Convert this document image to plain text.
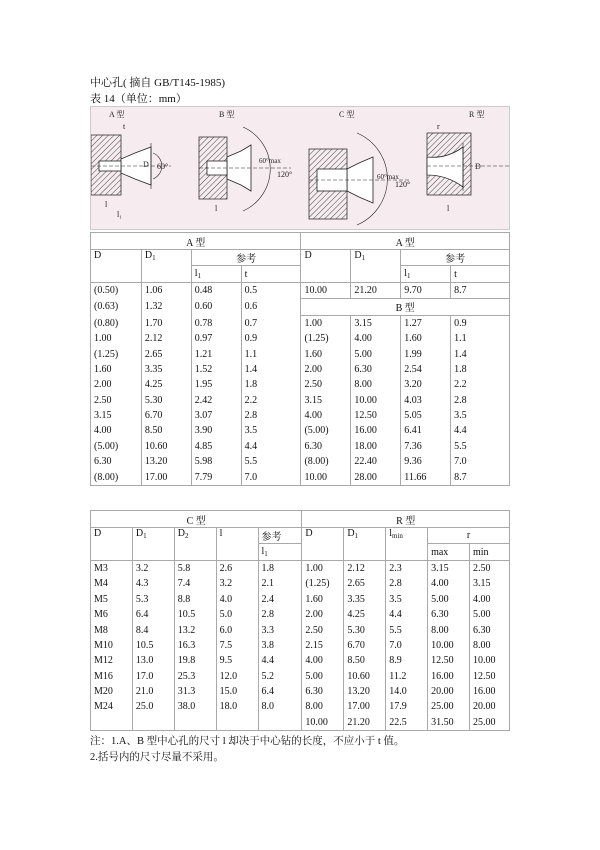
中心孔( 摘自 GB/T145-1985)
表 14（单位：mm）
A 型
60°
D
l
l₁
t
B 型
60°max
120°
l
C 型
60°max
120°
R 型
r
D
l
A 型				A 型			
D	$D_1$	参考		D	$D_1$	参考	
		$l_1$	t			$l_1$	t
(0.50)	1.06	0.48	0.5	10.00	21.20	9.70	8.7
(0.63)	1.32	0.60	0.6	B 型			
(0.80)	1.70	0.78	0.7	1.00	3.15	1.27	0.9
1.00	2.12	0.97	0.9	(1.25)	4.00	1.60	1.1
(1.25)	2.65	1.21	1.1	1.60	5.00	1.99	1.4
1.60	3.35	1.52	1.4	2.00	6.30	2.54	1.8
2.00	4.25	1.95	1.8	2.50	8.00	3.20	2.2
2.50	5.30	2.42	2.2	3.15	10.00	4.03	2.8
3.15	6.70	3.07	2.8	4.00	12.50	5.05	3.5
4.00	8.50	3.90	3.5	(5.00)	16.00	6.41	4.4
(5.00)	10.60	4.85	4.4	6.30	18.00	7.36	5.5
6.30	13.20	5.98	5.5	(8.00)	22.40	9.36	7.0
(8.00)	17.00	7.79	7.0	10.00	28.00	11.66	8.7
C 型					R 型				
D	$D_1$	$D_2$	l	参考	D	$D_1$	$l_{min}$	r	
				$l_1$				max	min
M3	3.2	5.8	2.6	1.8	1.00	2.12	2.3	3.15	2.50
M4	4.3	7.4	3.2	2.1	(1.25)	2.65	2.8	4.00	3.15
M5	5.3	8.8	4.0	2.4	1.60	3.35	3.5	5.00	4.00
M6	6.4	10.5	5.0	2.8	2.00	4.25	4.4	6.30	5.00
M8	8.4	13.2	6.0	3.3	2.50	5.30	5.5	8.00	6.30
M10	10.5	16.3	7.5	3.8	2.15	6.70	7.0	10.00	8.00
M12	13.0	19.8	9.5	4.4	4.00	8.50	8.9	12.50	10.00
M16	17.0	25.3	12.0	5.2	5.00	10.60	11.2	16.00	12.50
M20	21.0	31.3	15.0	6.4	6.30	13.20	14.0	20.00	16.00
M24	25.0	38.0	18.0	8.0	8.00	17.00	17.9	25.00	20.00
					10.00	21.20	22.5	31.50	25.00
注：1.A、B 型中心孔的尺寸 l 却决于中心钻的长度，不应小于 t 值。
2.括号内的尺寸尽量不采用。
